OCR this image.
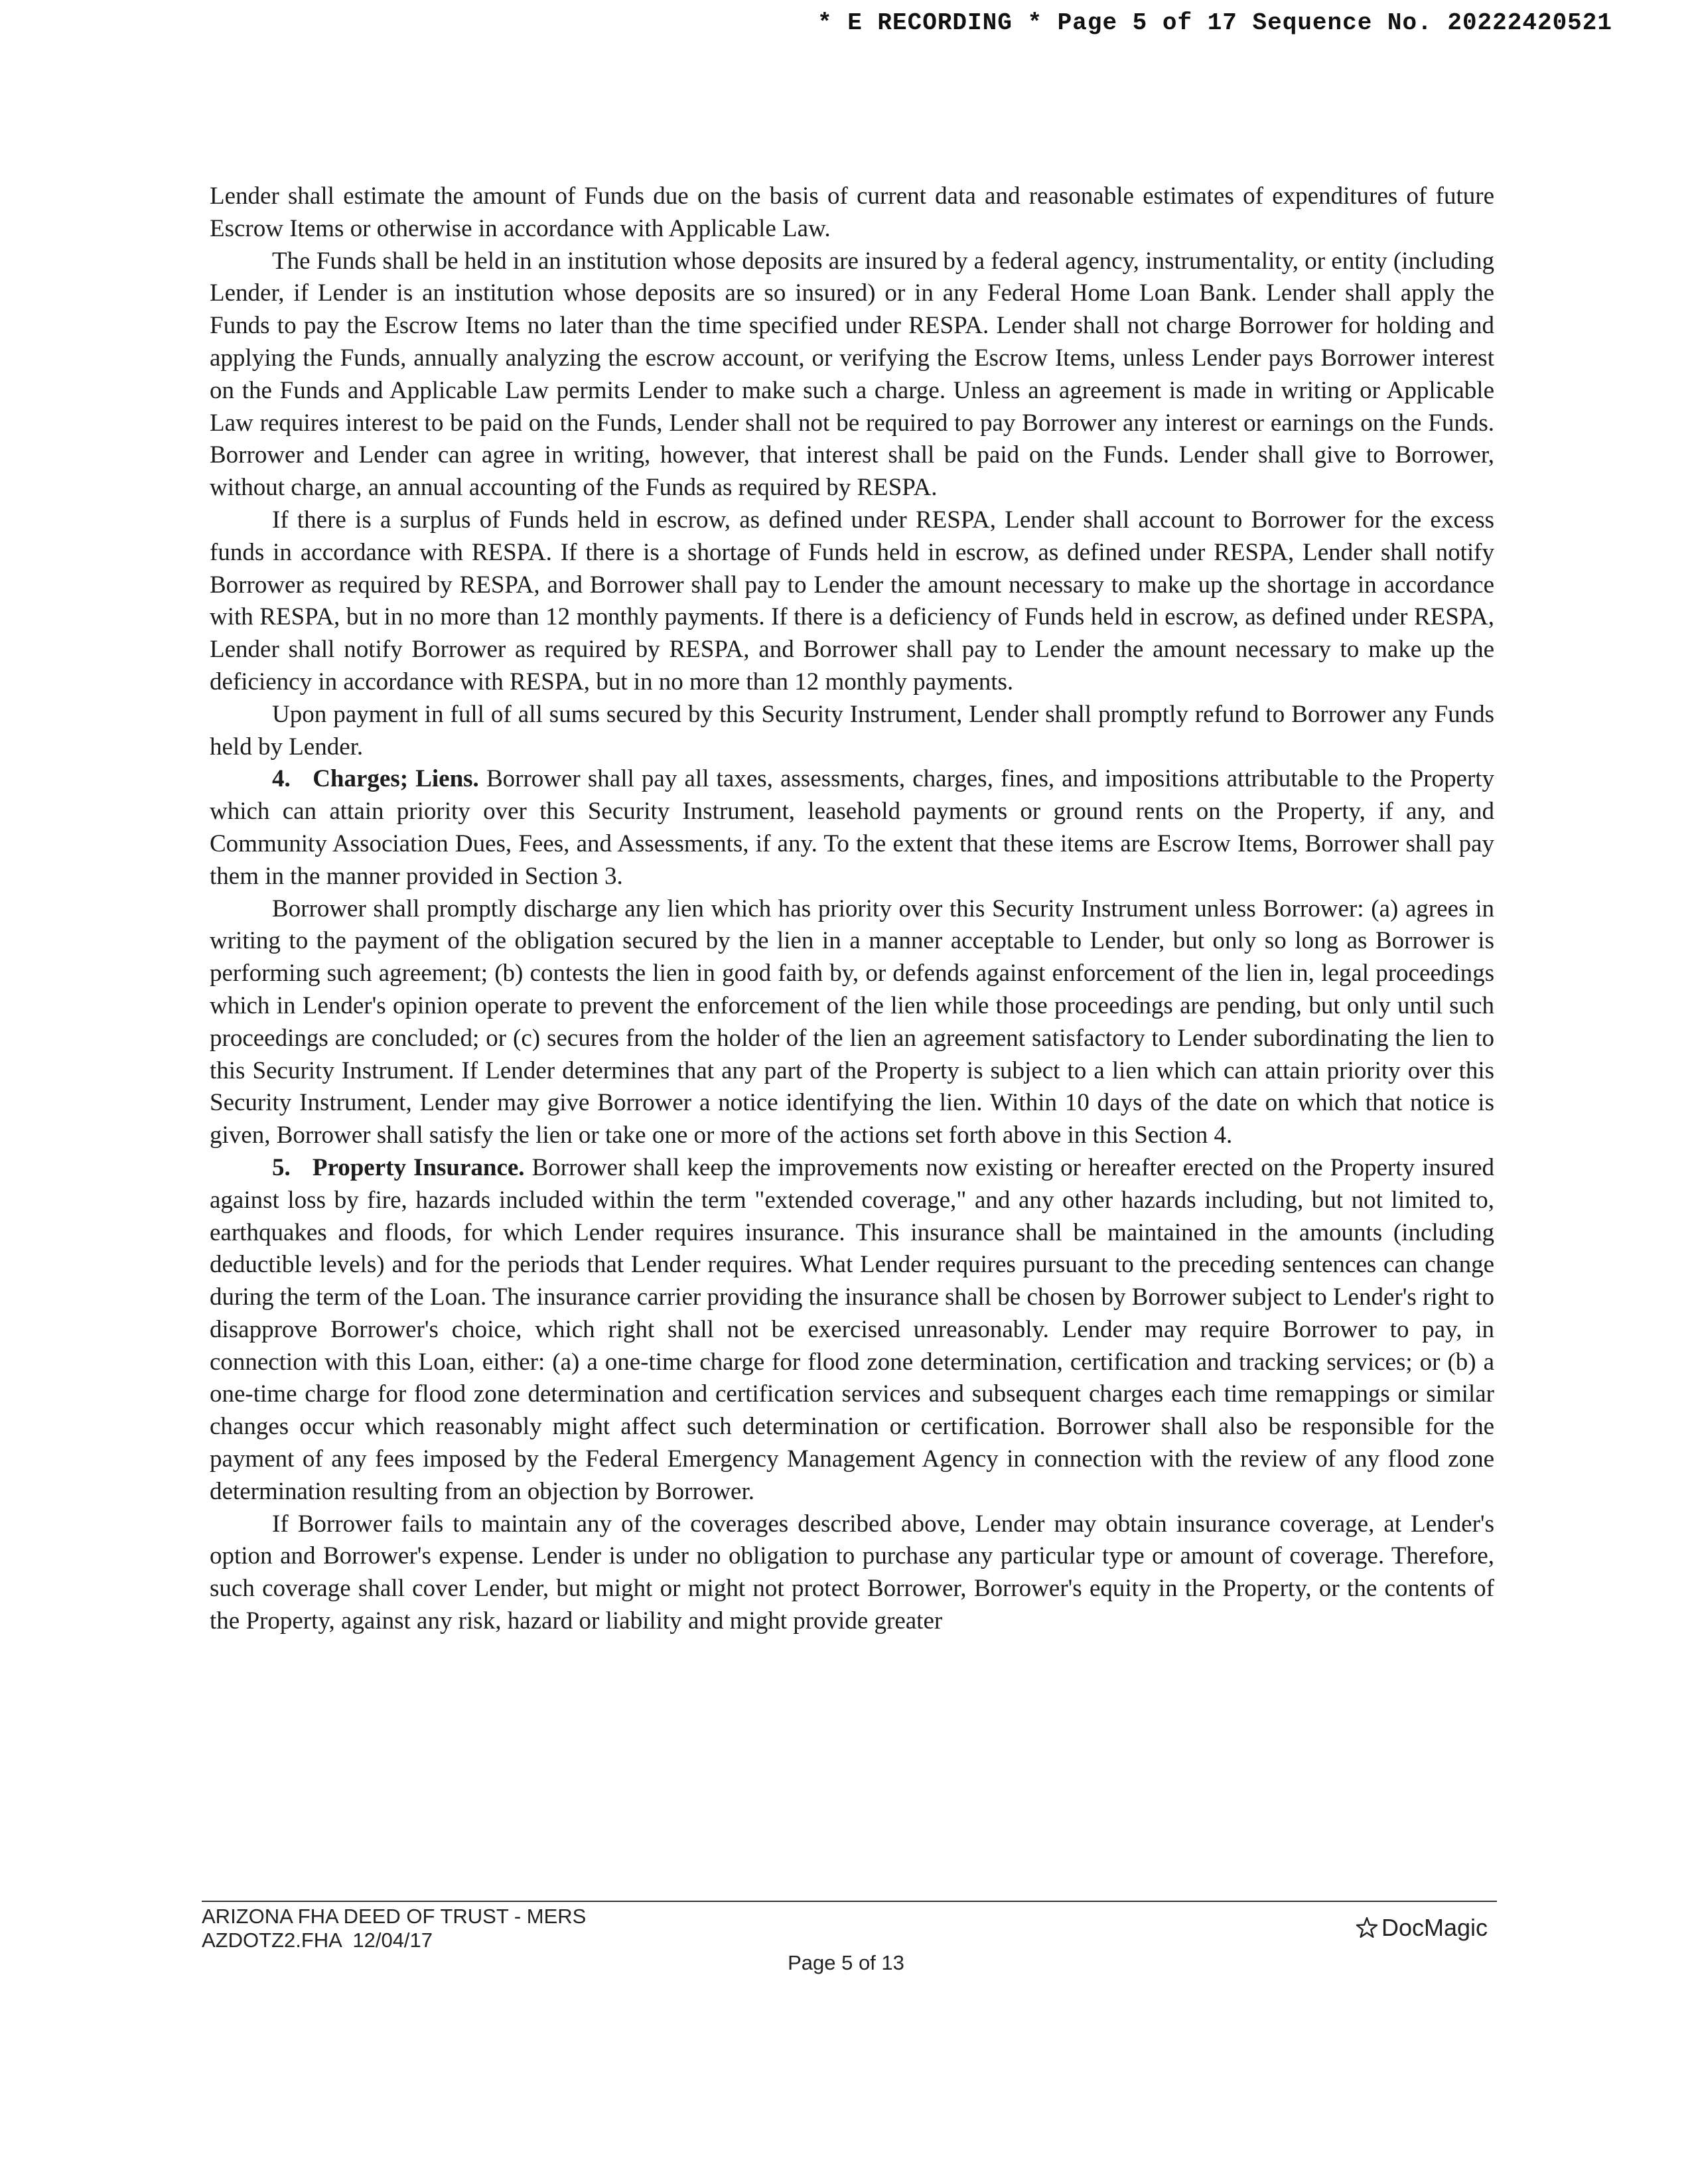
* E RECORDING * Page 5 of 17 Sequence No. 20222420521

Lender shall estimate the amount of Funds due on the basis of current data and reasonable estimates of expenditures of future Escrow Items or otherwise in accordance with Applicable Law.

The Funds shall be held in an institution whose deposits are insured by a federal agency, instrumentality, or entity (including Lender, if Lender is an institution whose deposits are so insured) or in any Federal Home Loan Bank. Lender shall apply the Funds to pay the Escrow Items no later than the time specified under RESPA. Lender shall not charge Borrower for holding and applying the Funds, annually analyzing the escrow account, or verifying the Escrow Items, unless Lender pays Borrower interest on the Funds and Applicable Law permits Lender to make such a charge. Unless an agreement is made in writing or Applicable Law requires interest to be paid on the Funds, Lender shall not be required to pay Borrower any interest or earnings on the Funds. Borrower and Lender can agree in writing, however, that interest shall be paid on the Funds. Lender shall give to Borrower, without charge, an annual accounting of the Funds as required by RESPA.

If there is a surplus of Funds held in escrow, as defined under RESPA, Lender shall account to Borrower for the excess funds in accordance with RESPA. If there is a shortage of Funds held in escrow, as defined under RESPA, Lender shall notify Borrower as required by RESPA, and Borrower shall pay to Lender the amount necessary to make up the shortage in accordance with RESPA, but in no more than 12 monthly payments. If there is a deficiency of Funds held in escrow, as defined under RESPA, Lender shall notify Borrower as required by RESPA, and Borrower shall pay to Lender the amount necessary to make up the deficiency in accordance with RESPA, but in no more than 12 monthly payments.

Upon payment in full of all sums secured by this Security Instrument, Lender shall promptly refund to Borrower any Funds held by Lender.

4. Charges; Liens. Borrower shall pay all taxes, assessments, charges, fines, and impositions attributable to the Property which can attain priority over this Security Instrument, leasehold payments or ground rents on the Property, if any, and Community Association Dues, Fees, and Assessments, if any. To the extent that these items are Escrow Items, Borrower shall pay them in the manner provided in Section 3.

Borrower shall promptly discharge any lien which has priority over this Security Instrument unless Borrower: (a) agrees in writing to the payment of the obligation secured by the lien in a manner acceptable to Lender, but only so long as Borrower is performing such agreement; (b) contests the lien in good faith by, or defends against enforcement of the lien in, legal proceedings which in Lender's opinion operate to prevent the enforcement of the lien while those proceedings are pending, but only until such proceedings are concluded; or (c) secures from the holder of the lien an agreement satisfactory to Lender subordinating the lien to this Security Instrument. If Lender determines that any part of the Property is subject to a lien which can attain priority over this Security Instrument, Lender may give Borrower a notice identifying the lien. Within 10 days of the date on which that notice is given, Borrower shall satisfy the lien or take one or more of the actions set forth above in this Section 4.

5. Property Insurance. Borrower shall keep the improvements now existing or hereafter erected on the Property insured against loss by fire, hazards included within the term "extended coverage," and any other hazards including, but not limited to, earthquakes and floods, for which Lender requires insurance. This insurance shall be maintained in the amounts (including deductible levels) and for the periods that Lender requires. What Lender requires pursuant to the preceding sentences can change during the term of the Loan. The insurance carrier providing the insurance shall be chosen by Borrower subject to Lender's right to disapprove Borrower's choice, which right shall not be exercised unreasonably. Lender may require Borrower to pay, in connection with this Loan, either: (a) a one-time charge for flood zone determination, certification and tracking services; or (b) a one-time charge for flood zone determination and certification services and subsequent charges each time remappings or similar changes occur which reasonably might affect such determination or certification. Borrower shall also be responsible for the payment of any fees imposed by the Federal Emergency Management Agency in connection with the review of any flood zone determination resulting from an objection by Borrower.

If Borrower fails to maintain any of the coverages described above, Lender may obtain insurance coverage, at Lender's option and Borrower's expense. Lender is under no obligation to purchase any particular type or amount of coverage. Therefore, such coverage shall cover Lender, but might or might not protect Borrower, Borrower's equity in the Property, or the contents of the Property, against any risk, hazard or liability and might provide greater

ARIZONA FHA DEED OF TRUST - MERS
AZDOTZ2.FHA  12/04/17	DocMagic
Page 5 of 13
